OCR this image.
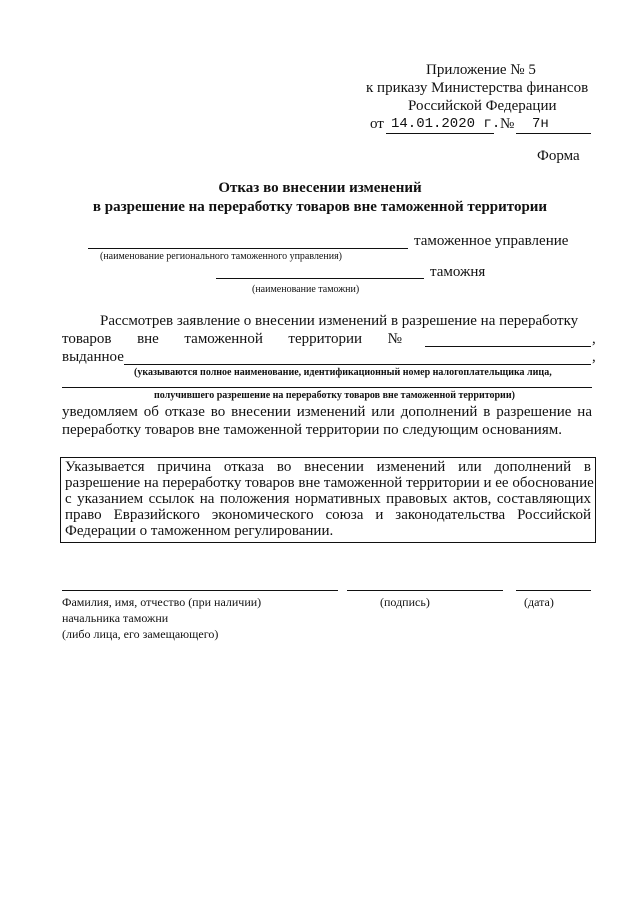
Приложение № 5
к приказу Министерства финансов
Российской Федерации
от 14.01.2020 г. № 7н
Форма
Отказ во внесении изменений
в разрешение на переработку товаров вне таможенной территории
таможенное управление
(наименование регионального таможенного управления)
таможня
(наименование таможни)
Рассмотрев заявление о внесении изменений в разрешение на переработку
товаров вне таможенной территории №	,
выданное	,
(указываются полное наименование, идентификационный номер налогоплательщика лица,
получившего разрешение на переработку товаров вне таможенной территории)
уведомляем об отказе во внесении изменений или дополнений в разрешение на
переработку товаров вне таможенной территории по следующим основаниям.
Указывается причина отказа во внесении изменений или дополнений в
разрешение на переработку товаров вне таможенной территории и ее обоснование
с указанием ссылок на положения нормативных правовых актов, составляющих
право Евразийского экономического союза и законодательства Российской
Федерации о таможенном регулировании.
Фамилия, имя, отчество (при наличии)	(подпись)	(дата)
начальника таможни
(либо лица, его замещающего)
